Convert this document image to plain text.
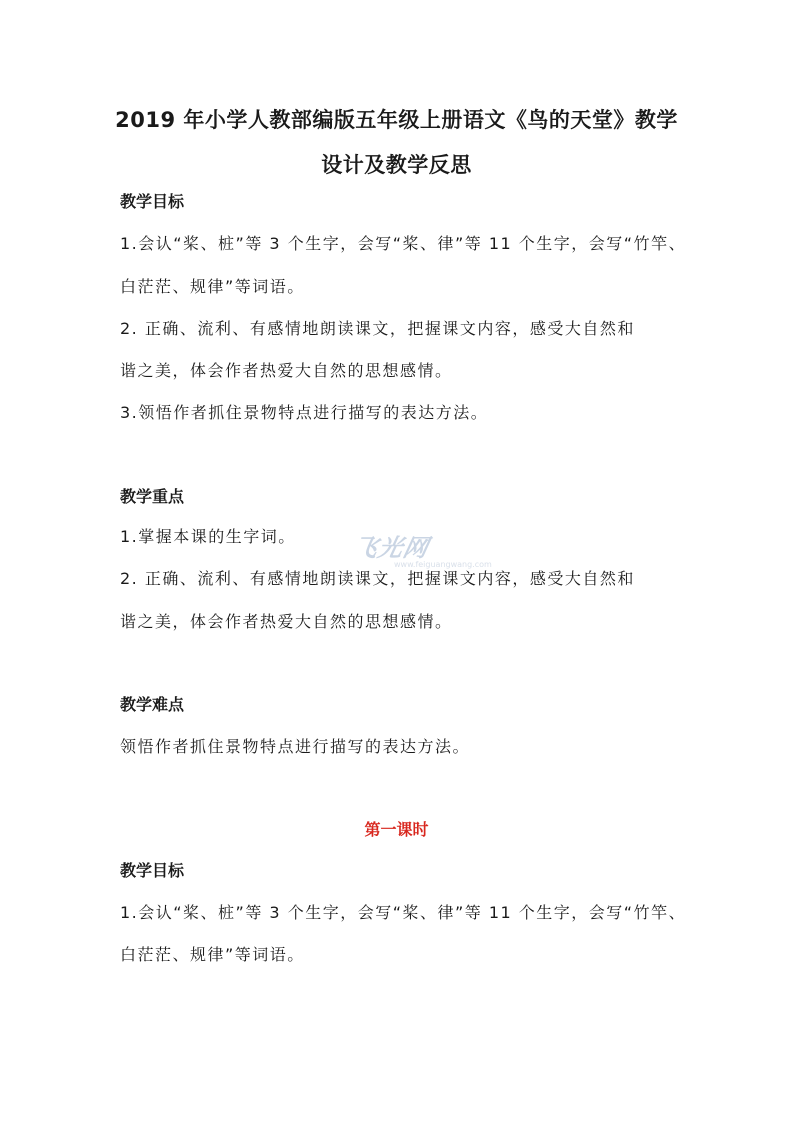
2019 年小学人教部编版五年级上册语文《鸟的天堂》教学
设计及教学反思
教学目标
1.会认“桨、桩”等 3 个生字，会写“桨、律”等 11 个生字，会写“竹竿、
白茫茫、规律”等词语。
2. 正确、流利、有感情地朗读课文，把握课文内容，感受大自然和
谐之美，体会作者热爱大自然的思想感情。
3.领悟作者抓住景物特点进行描写的表达方法。
教学重点
1.掌握本课的生字词。
2. 正确、流利、有感情地朗读课文，把握课文内容，感受大自然和
谐之美，体会作者热爱大自然的思想感情。
教学难点
领悟作者抓住景物特点进行描写的表达方法。
第一课时
教学目标
1.会认“桨、桩”等 3 个生字，会写“桨、律”等 11 个生字，会写“竹竿、
白茫茫、规律”等词语。
飞光网
www.feiguangwang.com
